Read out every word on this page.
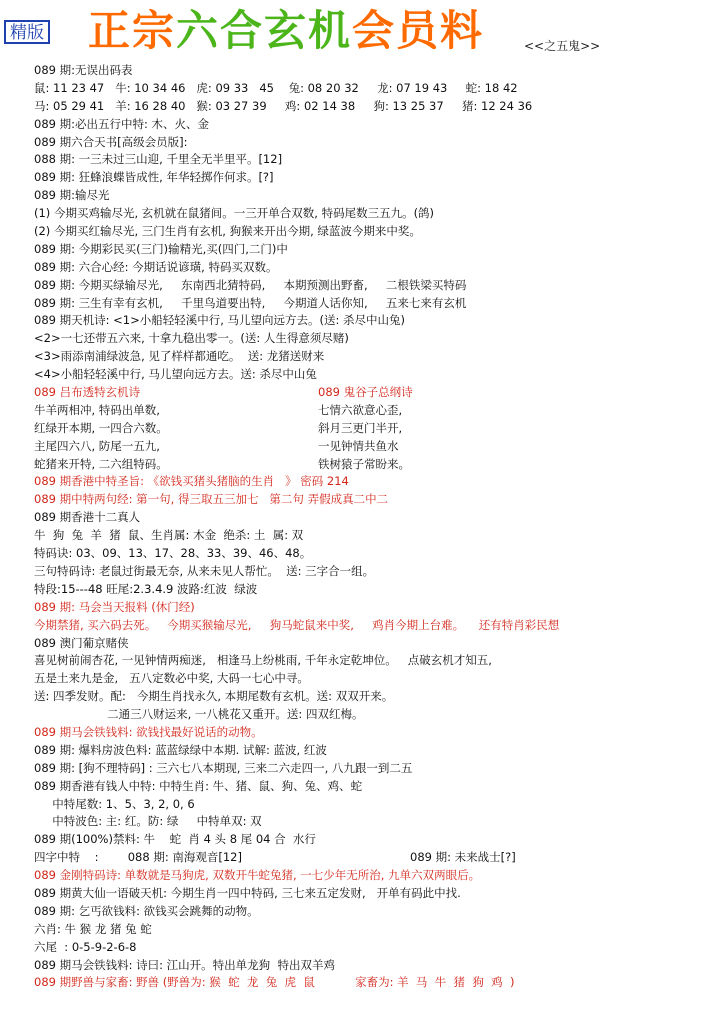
精版 正宗六合玄机会员料	<<之五鬼>>
089 期:无误出码表
鼠: 11 23 47   牛: 10 34 46   虎: 09 33   45    兔: 08 20 32     龙: 07 19 43     蛇: 18 42
马: 05 29 41   羊: 16 28 40   猴: 03 27 39     鸡: 02 14 38     狗: 13 25 37     猪: 12 24 36
089 期:必出五行中特: 木、火、金
089 期六合天书[高级会员版]:
088 期: 一三未过三山迎, 千里全无半里平。[12]
089 期: 狂蜂浪蝶皆成性, 年华轻掷作何求。[?]
089 期:输尽光
(1) 今期买鸡输尽光, 玄机就在鼠猪间。一三开单合双数, 特码尾数三五九。(鸽)
(2) 今期买红输尽光, 三门生肖有玄机, 狗猴来开出今期, 绿蓝波今期来中奖。
089 期: 今期彩民买(三门)输精光,买(四门,二门)中
089 期: 六合心经: 今期话说谚璜, 特码买双数。
089 期: 今期买绿输尽光,     东南西北猜特码,     本期预测出野畜,     二根铁梁买特码
089 期: 三生有幸有玄机,     千里鸟道要出特,     今期道人话你知,     五来七来有玄机
089 期天机诗: <1>小船轻轻溪中行, 马儿望向远方去。(送: 杀尽中山兔)
<2>一七还带五六来, 十拿九稳出零一。(送: 人生得意须尽赌)
<3>雨添南浦绿波急, 见了样样都通吃。  送: 龙猪送财来
<4>小船轻轻溪中行, 马儿望向远方去。送: 杀尽中山兔
089 吕布透特玄机诗	089 鬼谷子总纲诗
牛羊两相冲, 特码出单数,	七情六欲意心歪,
红绿开本期, 一四合六数。	斜月三更门半开,
主尾四六八, 防尾一五九,	一见钟情共鱼水
蛇猪来开特, 二六组特码。	铁树猿子常盼来。
089 期香港中特圣旨: 《欲钱买猪头猪脑的生肖   》 密码 214
089 期中特两句经: 第一句, 得三取五三加七   第二句 弄假成真二中二
089 期香港十二真人
牛  狗  兔  羊  猪  鼠、生肖属: 木金  绝杀: 土  属: 双
特码诀: 03、09、13、17、28、33、39、46、48。
三句特码诗: 老鼠过街最无奈, 从来未见人帮忙。  送: 三字合一组。
特段:15---48 旺尾:2.3.4.9 波路:红波  绿波
089 期: 马会当天报料 (休门经)
今期禁猪, 买六码去死。   今期买猴输尽光,     狗马蛇鼠来中奖,     鸡肖今期上台难。    还有特肖彩民想
089 澳门葡京赌侠
喜见树前闹杏花, 一见钟情两痴迷,   相逢马上纷桃雨, 千年永定乾坤位。   点破玄机才知五,
五是土来九是金,   五八定数必中奖, 大码一七心中寻。
送: 四季发财。配:   今期生肖找永久, 本期尾数有玄机。送: 双双开来。
二通三八财运来, 一八桃花又重开。送: 四双红梅。
089 期马会铁钱料: 欲钱找最好说话的动物。
089 期: 爆料房波色料: 蓝蓝绿绿中本期. 试解: 蓝波, 红波
089 期: [狗不理特码] : 三六七八本期现, 三来二六走四一, 八九跟一到二五
089 期香港有钱人中特: 中特生肖: 牛、猪、鼠、狗、兔、鸡、蛇
中特尾数: 1、5、3, 2, 0, 6
中特波色: 主: 红。防: 绿     中特单双: 双
089 期(100%)禁料: 牛    蛇  肖 4 头 8 尾 04 合  水行
四字中特    :        088 期: 南海观音[12]	089 期: 未来战士[?]
089 金刚特码诗: 单数就是马狗虎, 双数开牛蛇兔猪, 一七少年无所治, 九单六双两眼后。
089 期黄大仙一语破天机: 今期生肖一四中特码, 三七来五定发财,   开单有码此中找.
089 期: 乞丐欲钱料: 欲钱买会跳舞的动物。
六肖: 牛 猴 龙 猪 兔 蛇
六尾  : 0-5-9-2-6-8
089 期马会铁钱料: 诗曰: 江山开。特出单龙狗  特出双羊鸡
089 期野兽与家畜: 野兽 (野兽为: 猴  蛇  龙  兔  虎  鼠           家畜为: 羊  马  牛  猪  狗  鸡  )
